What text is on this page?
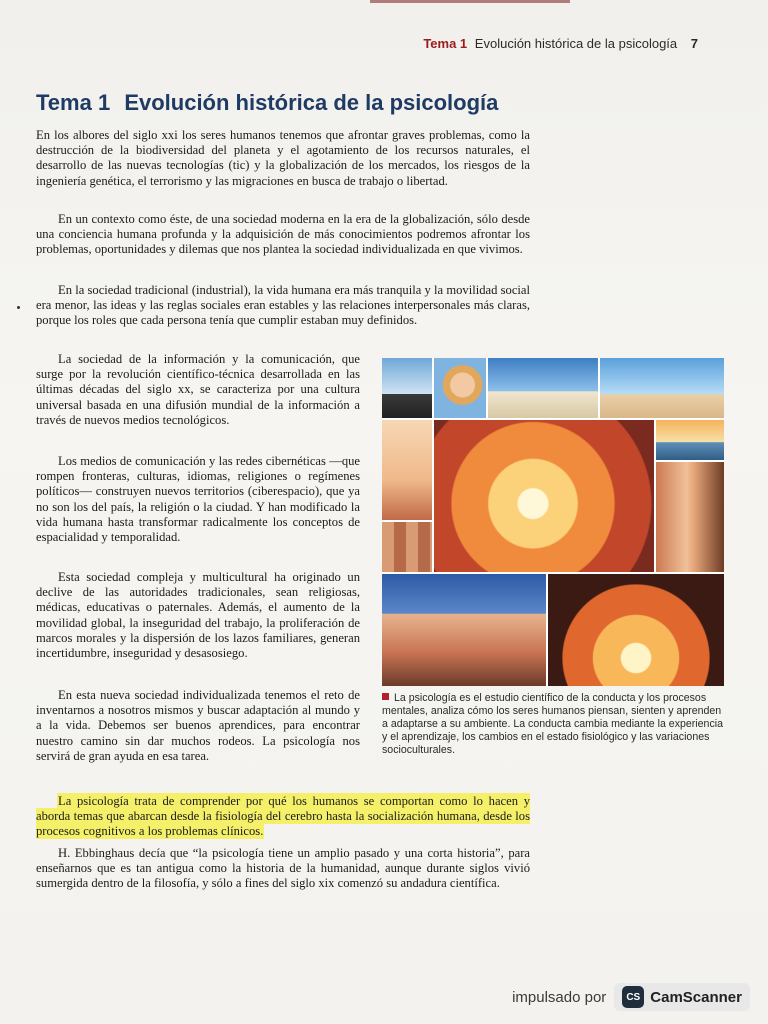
Tema 1 Evolución histórica de la psicología 7
Tema 1 Evolución histórica de la psicología

En los albores del siglo xxi los seres humanos tenemos que afrontar graves problemas, como la destrucción de la biodiversidad del planeta y el agotamiento de los recursos naturales, el desarrollo de las nuevas tecnologías (tic) y la globalización de los mercados, los riesgos de la ingeniería genética, el terrorismo y las migraciones en busca de trabajo o libertad.

En un contexto como éste, de una sociedad moderna en la era de la globalización, sólo desde una conciencia humana profunda y la adquisición de más conocimientos podremos afrontar los problemas, oportunidades y dilemas que nos plantea la sociedad individualizada en que vivimos.

En la sociedad tradicional (industrial), la vida humana era más tranquila y la movilidad social era menor, las ideas y las reglas sociales eran estables y las relaciones interpersonales más claras, porque los roles que cada persona tenía que cumplir estaban muy definidos.

La sociedad de la información y la comunicación, que surge por la revolución científico-técnica desarrollada en las últimas décadas del siglo xx, se caracteriza por una cultura universal basada en una difusión mundial de la información a través de nuevos medios tecnológicos.

Los medios de comunicación y las redes cibernéticas —que rompen fronteras, culturas, idiomas, religiones o regímenes políticos— construyen nuevos territorios (ciberespacio), que ya no son los del país, la religión o la ciudad. Y han modificado la vida humana hasta transformar radicalmente los conceptos de espacialidad y temporalidad.

Esta sociedad compleja y multicultural ha originado un declive de las autoridades tradicionales, sean religiosas, médicas, educativas o paternales. Además, el aumento de la movilidad global, la inseguridad del trabajo, la proliferación de marcos morales y la dispersión de los lazos familiares, generan incertidumbre, inseguridad y desasosiego.

En esta nueva sociedad individualizada tenemos el reto de inventarnos a nosotros mismos y buscar adaptación al mundo y a la vida. Debemos ser buenos aprendices, para encontrar nuestro camino sin dar muchos rodeos. La psicología nos servirá de gran ayuda en esa tarea.

La psicología trata de comprender por qué los humanos se comportan como lo hacen y aborda temas que abarcan desde la fisiología del cerebro hasta la socialización humana, desde los procesos cognitivos a los problemas clínicos.

H. Ebbinghaus decía que “la psicología tiene un amplio pasado y una corta historia”, para enseñarnos que es tan antigua como la historia de la humanidad, aunque durante siglos vivió sumergida dentro de la filosofía, y sólo a fines del siglo xix comenzó su andadura científica.

La psicología es el estudio científico de la conducta y los procesos mentales, analiza cómo los seres humanos piensan, sienten y aprenden a adaptarse a su ambiente. La conducta cambia mediante la experiencia y el aprendizaje, los cambios en el estado fisiológico y las variaciones socioculturales.

impulsado por	CS CamScanner
